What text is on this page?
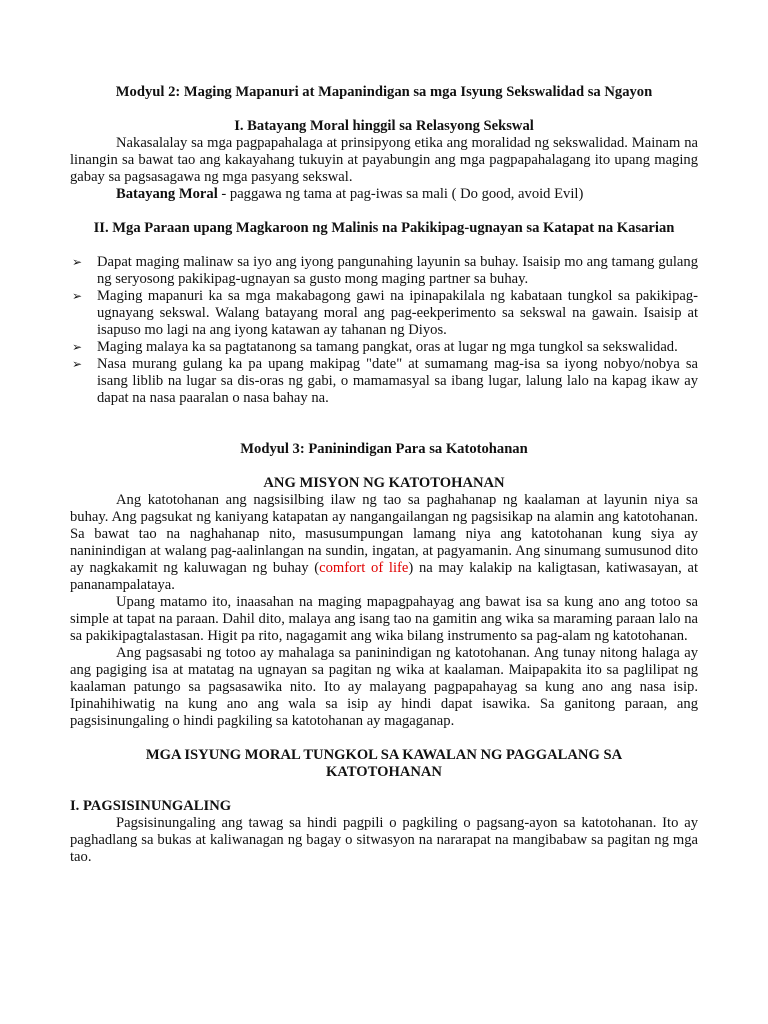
Modyul 2: Maging Mapanuri at Mapanindigan sa mga Isyung Sekswalidad sa Ngayon
I. Batayang Moral hinggil sa Relasyong Sekswal

Nakasalalay sa mga pagpapahalaga at prinsipyong etika ang moralidad ng sekswalidad. Mainam na linangin sa bawat tao ang kakayahang tukuyin at payabungin ang mga pagpapahalagang ito upang maging gabay sa pagsasagawa ng mga pasyang sekswal.

Batayang Moral - paggawa ng tama at pag-iwas sa mali ( Do good, avoid Evil)

II. Mga Paraan upang Magkaroon ng Malinis na Pakikipag-ugnayan sa Katapat na Kasarian
➢ Dapat maging malinaw sa iyo ang iyong pangunahing layunin sa buhay. Isaisip mo ang tamang gulang ng seryosong pakikipag-ugnayan sa gusto mong maging partner sa buhay.
➢ Maging mapanuri ka sa mga makabagong gawi na ipinapakilala ng kabataan tungkol sa pakikipag-ugnayang sekswal. Walang batayang moral ang pag-eekperimento sa sekswal na gawain. Isaisip at isapuso mo lagi na ang iyong katawan ay tahanan ng Diyos.
➢ Maging malaya ka sa pagtatanong sa tamang pangkat, oras at lugar ng mga tungkol sa sekswalidad.
➢ Nasa murang gulang ka pa upang makipag "date" at sumamang mag-isa sa iyong nobyo/nobya sa isang liblib na lugar sa dis-oras ng gabi, o mamamasyal sa ibang lugar, lalung lalo na kapag ikaw ay dapat na nasa paaralan o nasa bahay na.
Modyul 3: Paninindigan Para sa Katotohanan
ANG MISYON NG KATOTOHANAN

Ang katotohanan ang nagsisilbing ilaw ng tao sa paghahanap ng kaalaman at layunin niya sa buhay. Ang pagsukat ng kaniyang katapatan ay nangangailangan ng pagsisikap na alamin ang katotohanan. Sa bawat tao na naghahanap nito, masusumpungan lamang niya ang katotohanan kung siya ay naninindigan at walang pag-aalinlangan na sundin, ingatan, at pagyamanin. Ang sinumang sumusunod dito ay nagkakamit ng kaluwagan ng buhay (comfort of life) na may kalakip na kaligtasan, katiwasayan, at pananampalataya.

Upang matamo ito, inaasahan na maging mapagpahayag ang bawat isa sa kung ano ang totoo sa simple at tapat na paraan. Dahil dito, malaya ang isang tao na gamitin ang wika sa maraming paraan lalo na sa pakikipagtalastasan. Higit pa rito, nagagamit ang wika bilang instrumento sa pag-alam ng katotohanan.

Ang pagsasabi ng totoo ay mahalaga sa paninindigan ng katotohanan. Ang tunay nitong halaga ay ang pagiging isa at matatag na ugnayan sa pagitan ng wika at kaalaman. Maipapakita ito sa paglilipat ng kaalaman patungo sa pagsasawika nito. Ito ay malayang pagpapahayag sa kung ano ang nasa isip. Ipinahihiwatig na kung ano ang wala sa isip ay hindi dapat isawika. Sa ganitong paraan, ang pagsisinungaling o hindi pagkiling sa katotohanan ay magaganap.

MGA ISYUNG MORAL TUNGKOL SA KAWALAN NG PAGGALANG SA KATOTOHANAN
I. PAGSISINUNGALING

Pagsisinungaling ang tawag sa hindi pagpili o pagkiling o pagsang-ayon sa katotohanan. Ito ay paghadlang sa bukas at kaliwanagan ng bagay o sitwasyon na nararapat na mangibabaw sa pagitan ng mga tao.
